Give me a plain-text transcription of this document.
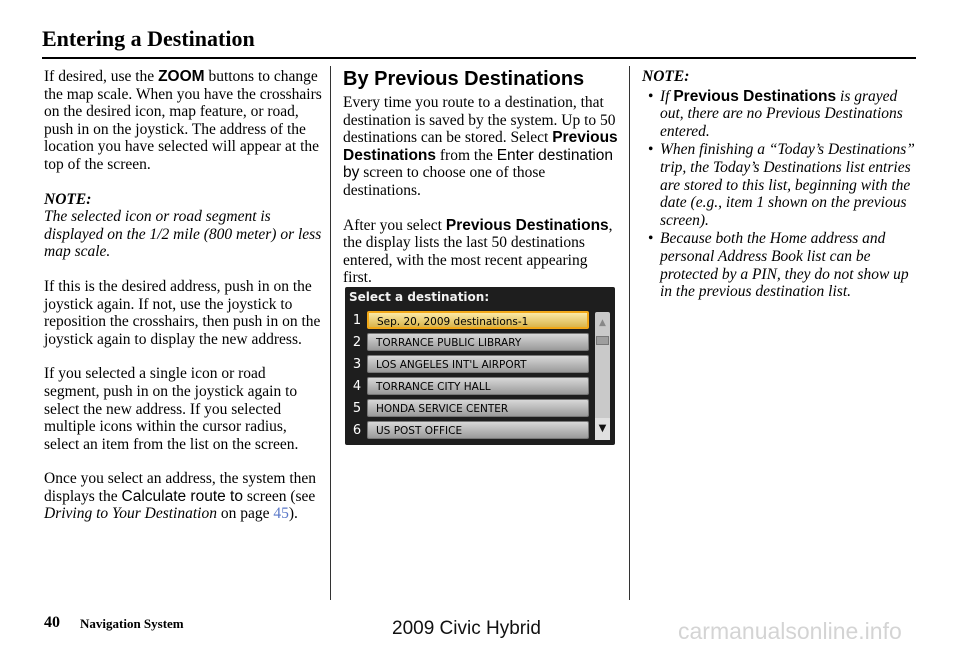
Entering a Destination

If desired, use the ZOOM buttons to change the map scale. When you have the crosshairs on the desired icon, map feature, or road, push in on the joystick. The address of the location you have selected will appear at the top of the screen.

NOTE:

The selected icon or road segment is displayed on the 1/2 mile (800 meter) or less map scale.

If this is the desired address, push in on the joystick again. If not, use the joystick to reposition the crosshairs, then push in on the joystick again to display the new address.

If you selected a single icon or road segment, push in on the joystick again to select the new address. If you selected multiple icons within the cursor radius, select an item from the list on the screen.

Once you select an address, the system then displays the Calculate route to screen (see Driving to Your Destination on page 45).

By Previous Destinations

Every time you route to a destination, that destination is saved by the system. Up to 50 destinations can be stored. Select Previous Destinations from the Enter destination by screen to choose one of those destinations.

After you select Previous Destinations, the display lists the last 50 destinations entered, with the most recent appearing first.

Select a destination:
1	Sep. 20, 2009 destinations-1
2	TORRANCE PUBLIC LIBRARY
3	LOS ANGELES INT'L AIRPORT
4	TORRANCE CITY HALL
5	HONDA SERVICE CENTER
6	US POST OFFICE
▲
▼

NOTE:

• If Previous Destinations is grayed out, there are no Previous Destinations entered.
• When finishing a “Today’s Destinations” trip, the Today’s Destinations list entries are stored to this list, beginning with the date (e.g., item 1 shown on the previous screen).
• Because both the Home address and personal Address Book list can be protected by a PIN, they do not show up in the previous destination list.
40 Navigation System	2009 Civic Hybrid	carmanualsonline.info
